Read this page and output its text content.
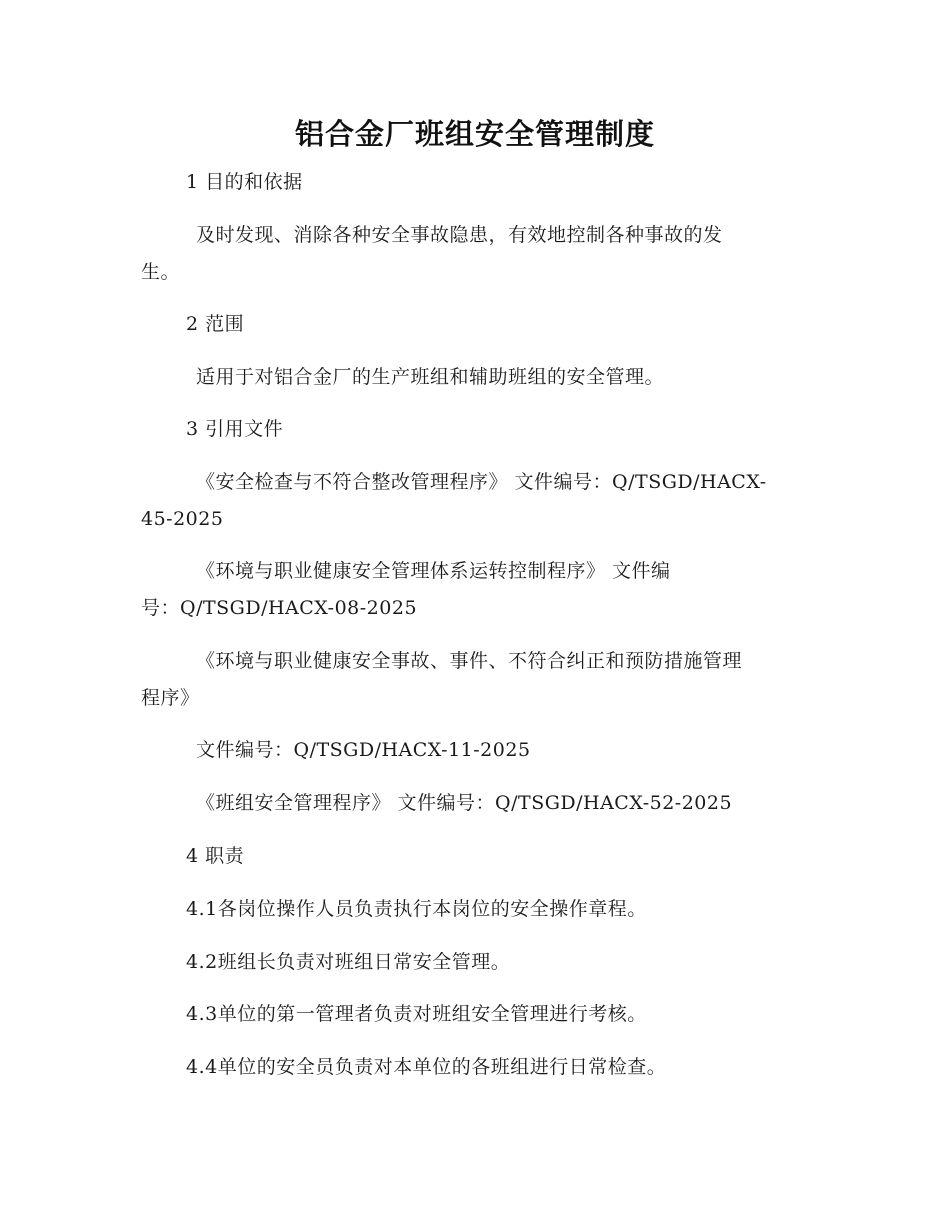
铝合金厂班组安全管理制度
1 目的和依据
及时发现、消除各种安全事故隐患，有效地控制各种事故的发
生。
2 范围
适用于对铝合金厂的生产班组和辅助班组的安全管理。
3 引用文件
《安全检查与不符合整改管理程序》 文件编号：Q/TSGD/HACX-
45-2025
《环境与职业健康安全管理体系运转控制程序》 文件编
号：Q/TSGD/HACX-08-2025
《环境与职业健康安全事故、事件、不符合纠正和预防措施管理
程序》
文件编号：Q/TSGD/HACX-11-2025
《班组安全管理程序》 文件编号：Q/TSGD/HACX-52-2025
4 职责
4.1各岗位操作人员负责执行本岗位的安全操作章程。
4.2班组长负责对班组日常安全管理。
4.3单位的第一管理者负责对班组安全管理进行考核。
4.4单位的安全员负责对本单位的各班组进行日常检查。
